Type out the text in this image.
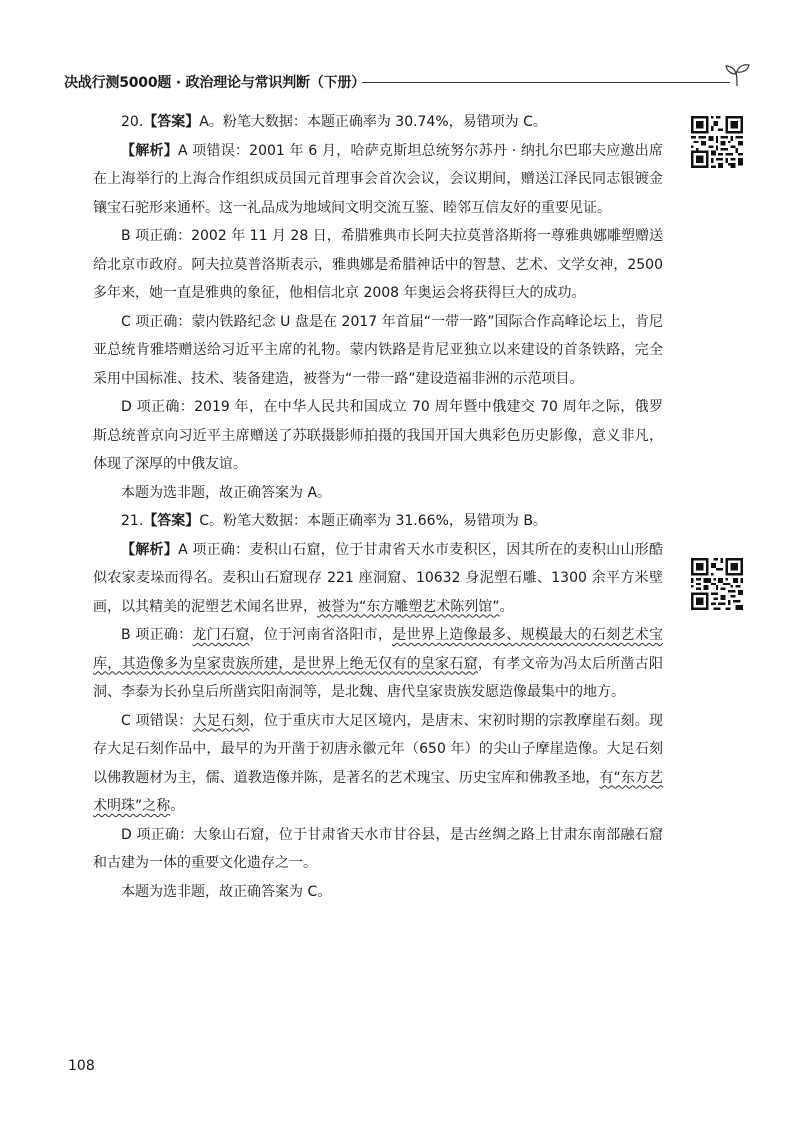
决战行测5000题 · 政治理论与常识判断（下册）

20.【答案】A。粉笔大数据：本题正确率为 30.74%，易错项为 C。

【解析】A 项错误：2001 年 6 月，哈萨克斯坦总统努尔苏丹 · 纳扎尔巴耶夫应邀出席在上海举行的上海合作组织成员国元首理事会首次会议，会议期间，赠送江泽民同志银镀金镶宝石驼形来通杯。这一礼品成为地域间文明交流互鉴、睦邻互信友好的重要见证。

B 项正确：2002 年 11 月 28 日，希腊雅典市长阿夫拉莫普洛斯将一尊雅典娜雕塑赠送给北京市政府。阿夫拉莫普洛斯表示，雅典娜是希腊神话中的智慧、艺术、文学女神，2500 多年来，她一直是雅典的象征，他相信北京 2008 年奥运会将获得巨大的成功。

C 项正确：蒙内铁路纪念 U 盘是在 2017 年首届“一带一路”国际合作高峰论坛上，肯尼亚总统肯雅塔赠送给习近平主席的礼物。蒙内铁路是肯尼亚独立以来建设的首条铁路，完全采用中国标准、技术、装备建造，被誉为“一带一路”建设造福非洲的示范项目。

D 项正确：2019 年，在中华人民共和国成立 70 周年暨中俄建交 70 周年之际，俄罗斯总统普京向习近平主席赠送了苏联摄影师拍摄的我国开国大典彩色历史影像，意义非凡，体现了深厚的中俄友谊。

本题为选非题，故正确答案为 A。

21.【答案】C。粉笔大数据：本题正确率为 31.66%，易错项为 B。

【解析】A 项正确：麦积山石窟，位于甘肃省天水市麦积区，因其所在的麦积山山形酷似农家麦垛而得名。麦积山石窟现存 221 座洞窟、10632 身泥塑石雕、1300 余平方米壁画，以其精美的泥塑艺术闻名世界，被誉为“东方雕塑艺术陈列馆”。

B 项正确：龙门石窟，位于河南省洛阳市，是世界上造像最多、规模最大的石刻艺术宝库，其造像多为皇家贵族所建，是世界上绝无仅有的皇家石窟，有孝文帝为冯太后所凿古阳洞、李泰为长孙皇后所凿宾阳南洞等，是北魏、唐代皇家贵族发愿造像最集中的地方。

C 项错误：大足石刻，位于重庆市大足区境内，是唐末、宋初时期的宗教摩崖石刻。现存大足石刻作品中，最早的为开凿于初唐永徽元年（650 年）的尖山子摩崖造像。大足石刻以佛教题材为主，儒、道教造像并陈，是著名的艺术瑰宝、历史宝库和佛教圣地，有“东方艺术明珠”之称。

D 项正确：大象山石窟，位于甘肃省天水市甘谷县，是古丝绸之路上甘肃东南部融石窟和古建为一体的重要文化遗存之一。

本题为选非题，故正确答案为 C。

108
